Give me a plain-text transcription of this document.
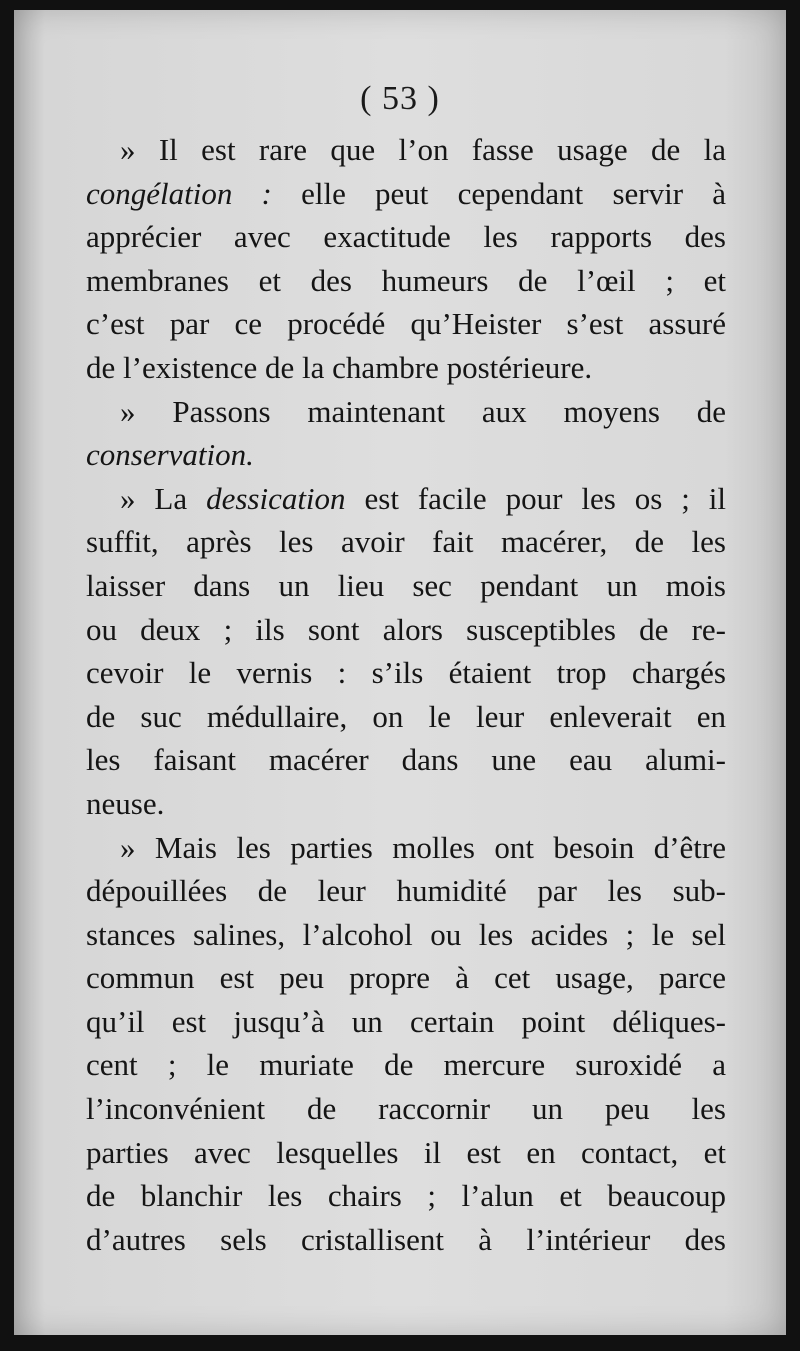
( 53 )
» Il est rare que l’on fasse usage de la
congélation : elle peut cependant servir à
apprécier avec exactitude les rapports des
membranes et des humeurs de l’œil ; et
c’est par ce procédé qu’Heister s’est assuré
de l’existence de la chambre postérieure.
» Passons maintenant aux moyens de
conservation.
» La dessication est facile pour les os ; il
suffit, après les avoir fait macérer, de les
laisser dans un lieu sec pendant un mois
ou deux ; ils sont alors susceptibles de re-
cevoir le vernis : s’ils étaient trop chargés
de suc médullaire, on le leur enleverait en
les faisant macérer dans une eau alumi-
neuse.
» Mais les parties molles ont besoin d’être
dépouillées de leur humidité par les sub-
stances salines, l’alcohol ou les acides ; le sel
commun est peu propre à cet usage, parce
qu’il est jusqu’à un certain point déliques-
cent ; le muriate de mercure suroxidé a
l’inconvénient de raccornir un peu les
parties avec lesquelles il est en contact, et
de blanchir les chairs ; l’alun et beaucoup
d’autres sels cristallisent à l’intérieur des
